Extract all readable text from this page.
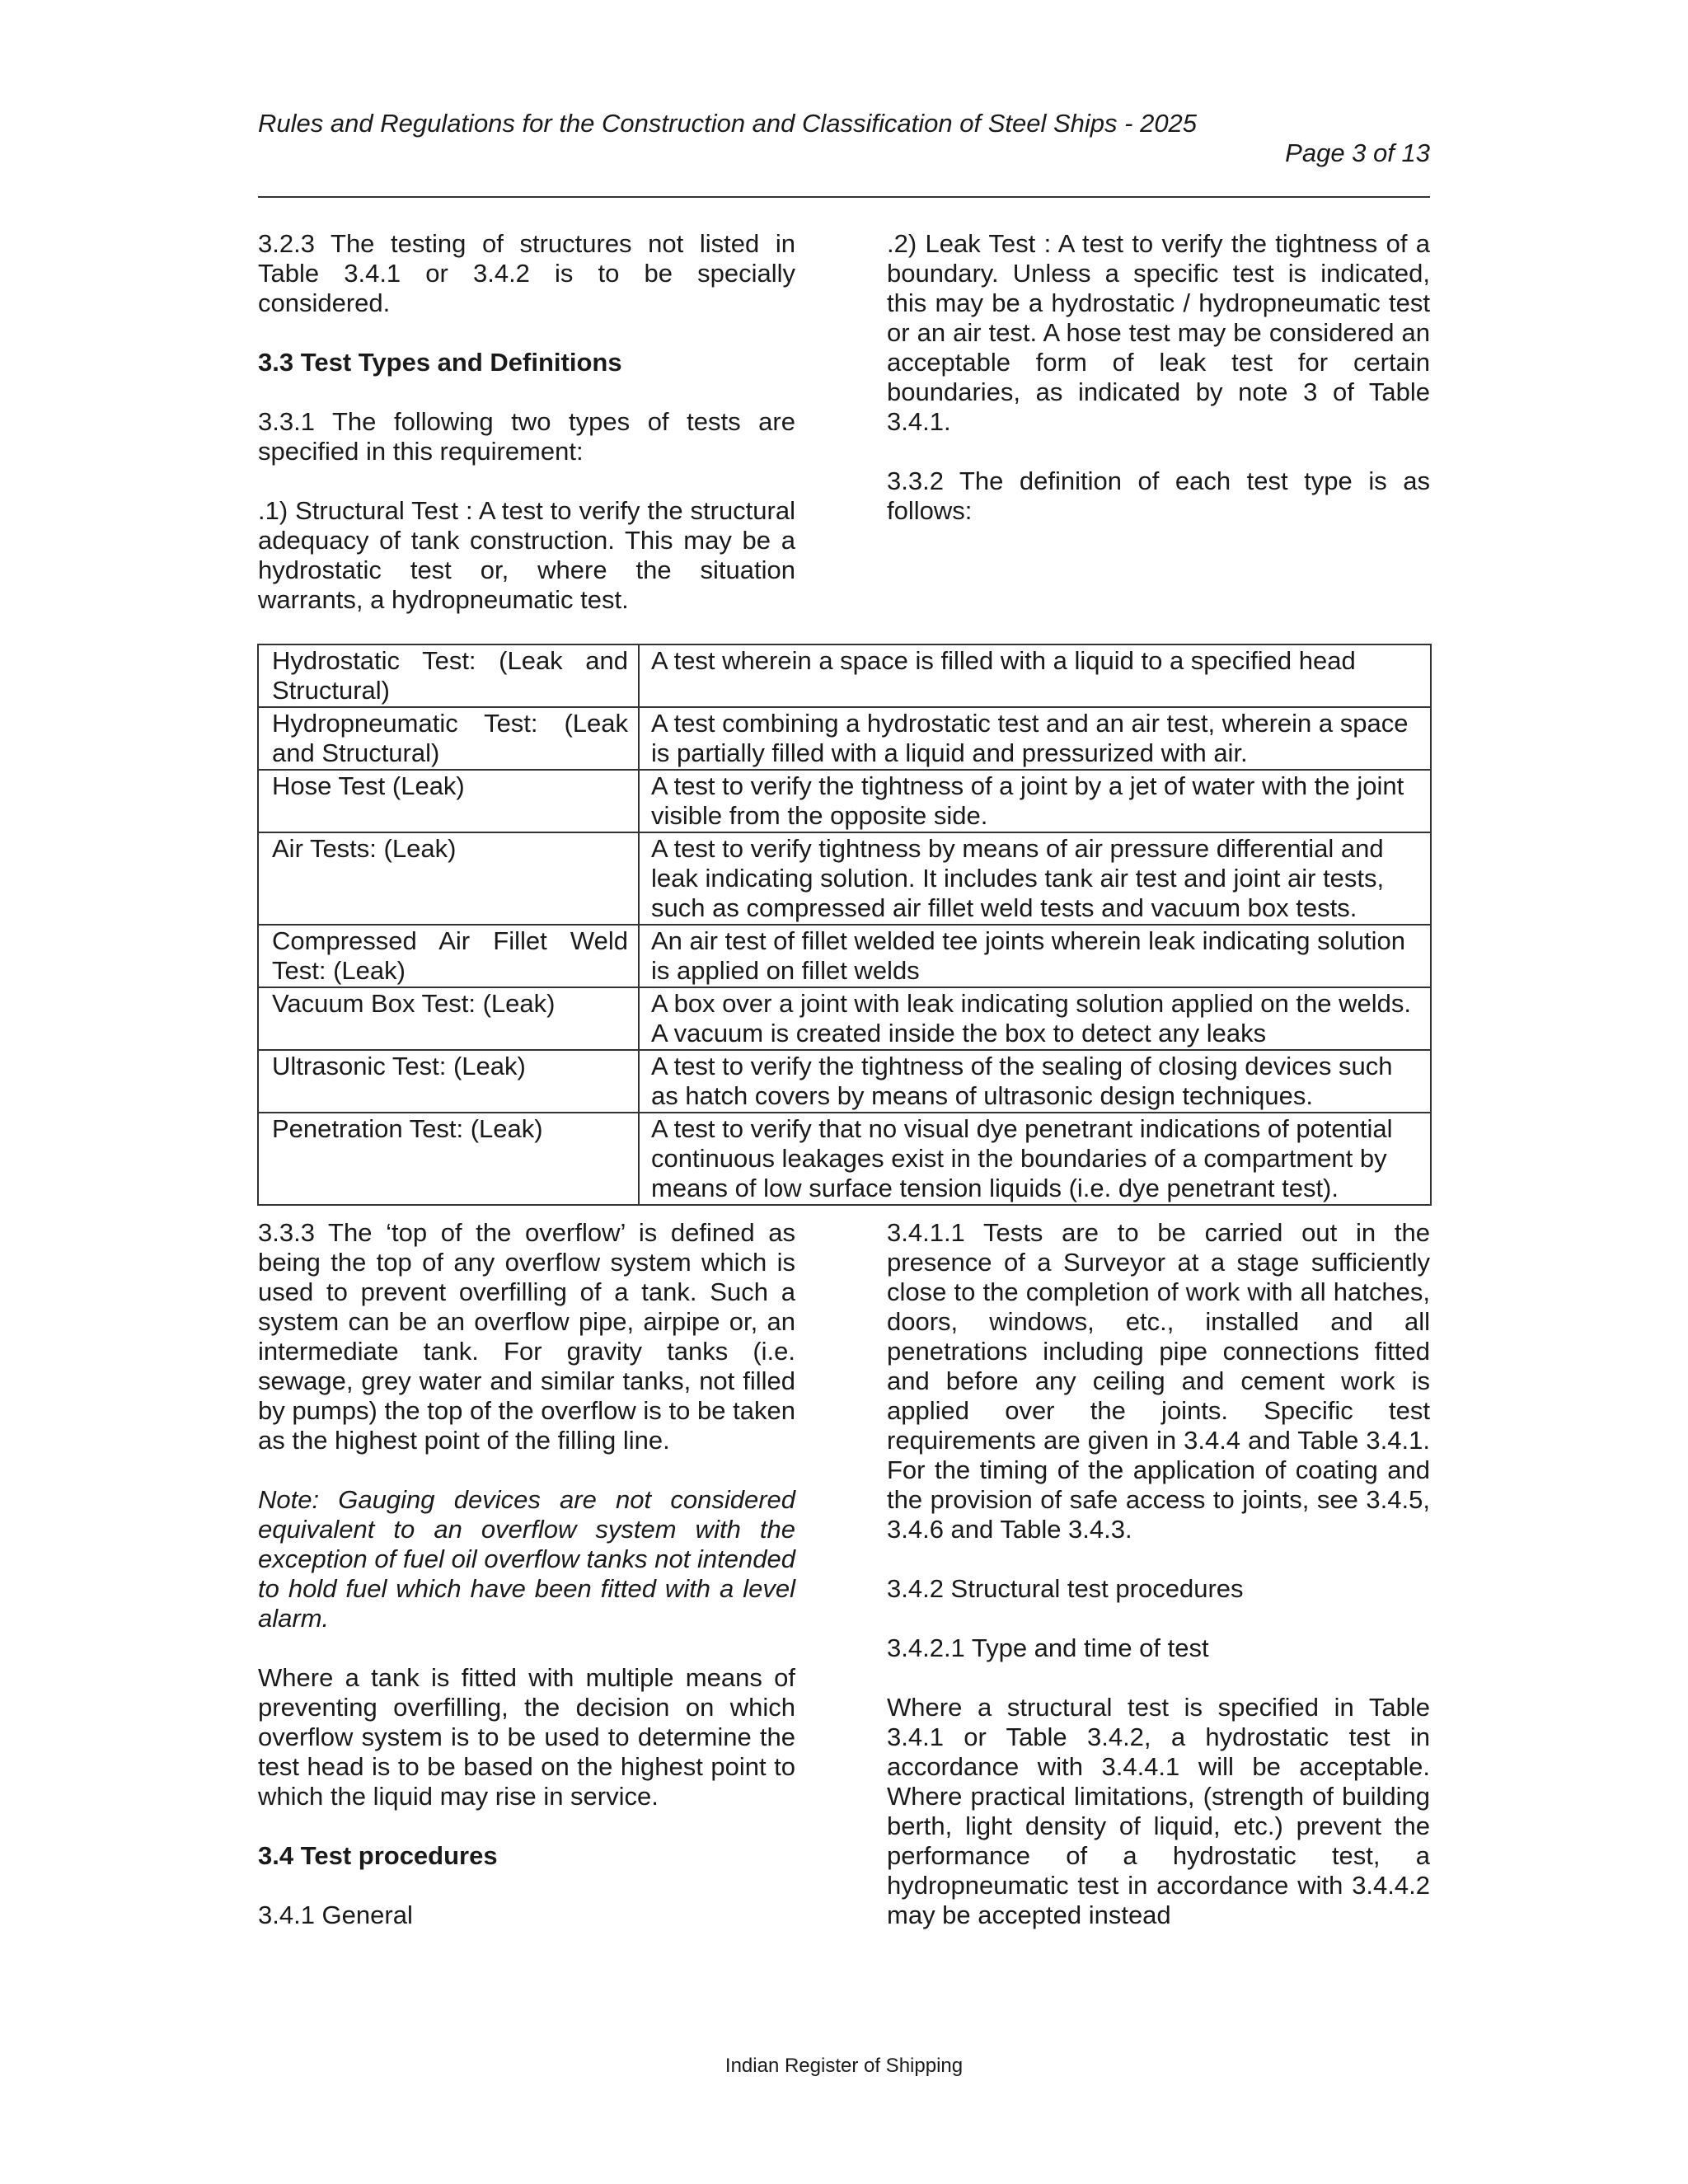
Rules and Regulations for the Construction and Classification of Steel Ships - 2025
Page 3 of 13

3.2.3 The testing of structures not listed in Table 3.4.1 or 3.4.2 is to be specially considered.

3.3 Test Types and Definitions

3.3.1 The following two types of tests are specified in this requirement:

.1) Structural Test : A test to verify the structural adequacy of tank construction. This may be a hydrostatic test or, where the situation warrants, a hydropneumatic test.

.2) Leak Test : A test to verify the tightness of a boundary. Unless a specific test is indicated, this may be a hydrostatic / hydropneumatic test or an air test. A hose test may be considered an acceptable form of leak test for certain boundaries, as indicated by note 3 of Table 3.4.1.

3.3.2 The definition of each test type is as follows:

Hydrostatic Test: (Leak and Structural)	A test wherein a space is filled with a liquid to a specified head
Hydropneumatic Test: (Leak and Structural)	A test combining a hydrostatic test and an air test, wherein a space is partially filled with a liquid and pressurized with air.
Hose Test (Leak)	A test to verify the tightness of a joint by a jet of water with the joint visible from the opposite side.
Air Tests: (Leak)	A test to verify tightness by means of air pressure differential and leak indicating solution. It includes tank air test and joint air tests, such as compressed air fillet weld tests and vacuum box tests.
Compressed Air Fillet Weld Test: (Leak)	An air test of fillet welded tee joints wherein leak indicating solution is applied on fillet welds
Vacuum Box Test: (Leak)	A box over a joint with leak indicating solution applied on the welds. A vacuum is created inside the box to detect any leaks
Ultrasonic Test: (Leak)	A test to verify the tightness of the sealing of closing devices such as hatch covers by means of ultrasonic design techniques.
Penetration Test: (Leak)	A test to verify that no visual dye penetrant indications of potential continuous leakages exist in the boundaries of a compartment by means of low surface tension liquids (i.e. dye penetrant test).

3.3.3 The ‘top of the overflow’ is defined as being the top of any overflow system which is used to prevent overfilling of a tank. Such a system can be an overflow pipe, airpipe or, an intermediate tank. For gravity tanks (i.e. sewage, grey water and similar tanks, not filled by pumps) the top of the overflow is to be taken as the highest point of the filling line.

Note: Gauging devices are not considered equivalent to an overflow system with the exception of fuel oil overflow tanks not intended to hold fuel which have been fitted with a level alarm.

Where a tank is fitted with multiple means of preventing overfilling, the decision on which overflow system is to be used to determine the test head is to be based on the highest point to which the liquid may rise in service.

3.4 Test procedures

3.4.1 General

3.4.1.1 Tests are to be carried out in the presence of a Surveyor at a stage sufficiently close to the completion of work with all hatches, doors, windows, etc., installed and all penetrations including pipe connections fitted and before any ceiling and cement work is applied over the joints. Specific test requirements are given in 3.4.4 and Table 3.4.1. For the timing of the application of coating and the provision of safe access to joints, see 3.4.5, 3.4.6 and Table 3.4.3.

3.4.2 Structural test procedures

3.4.2.1 Type and time of test

Where a structural test is specified in Table 3.4.1 or Table 3.4.2, a hydrostatic test in accordance with 3.4.4.1 will be acceptable. Where practical limitations, (strength of building berth, light density of liquid, etc.) prevent the performance of a hydrostatic test, a hydropneumatic test in accordance with 3.4.4.2 may be accepted instead

Indian Register of Shipping
